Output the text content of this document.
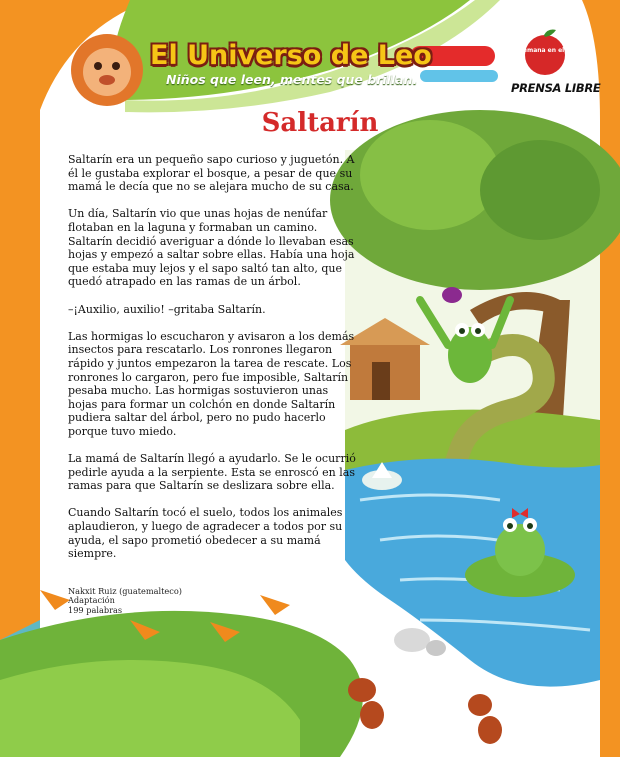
El Universo de Leo
Niños que leen, mentes que brillan.
La Semana en el Aula
PRENSA LIBRE
Saltarín

Saltarín era un pequeño sapo curioso y juguetón. A él le gustaba explorar el bosque, a pesar de que su mamá le decía que no se alejara mucho de su casa.

Un día, Saltarín vio que unas hojas de nenúfar flotaban en la laguna y formaban un camino. Saltarín decidió averiguar a dónde lo llevaban esas hojas y empezó a saltar sobre ellas. Había una hoja que estaba muy lejos y el sapo saltó tan alto, que quedó atrapado en las ramas de un árbol.

–¡Auxilio, auxilio! –gritaba Saltarín.

Las hormigas lo escucharon y avisaron a los demás insectos para rescatarlo. Los ronrones llegaron rápido y juntos empezaron la tarea de rescate. Los ronrones lo cargaron, pero fue imposible, Saltarín pesaba mucho. Las hormigas sostuvieron unas hojas para formar un colchón en donde Saltarín pudiera saltar del árbol, pero no pudo hacerlo porque tuvo miedo.

La mamá de Saltarín llegó a ayudarlo. Se le ocurrió pedirle ayuda a la serpiente. Esta se enroscó en las ramas para que Saltarín se deslizara sobre ella.

Cuando Saltarín tocó el suelo, todos los animales aplaudieron, y luego de agradecer a todos por su ayuda, el sapo prometió obedecer a su mamá siempre.

Nakxit Ruiz (guatemalteco)
Adaptación
199 palabras
